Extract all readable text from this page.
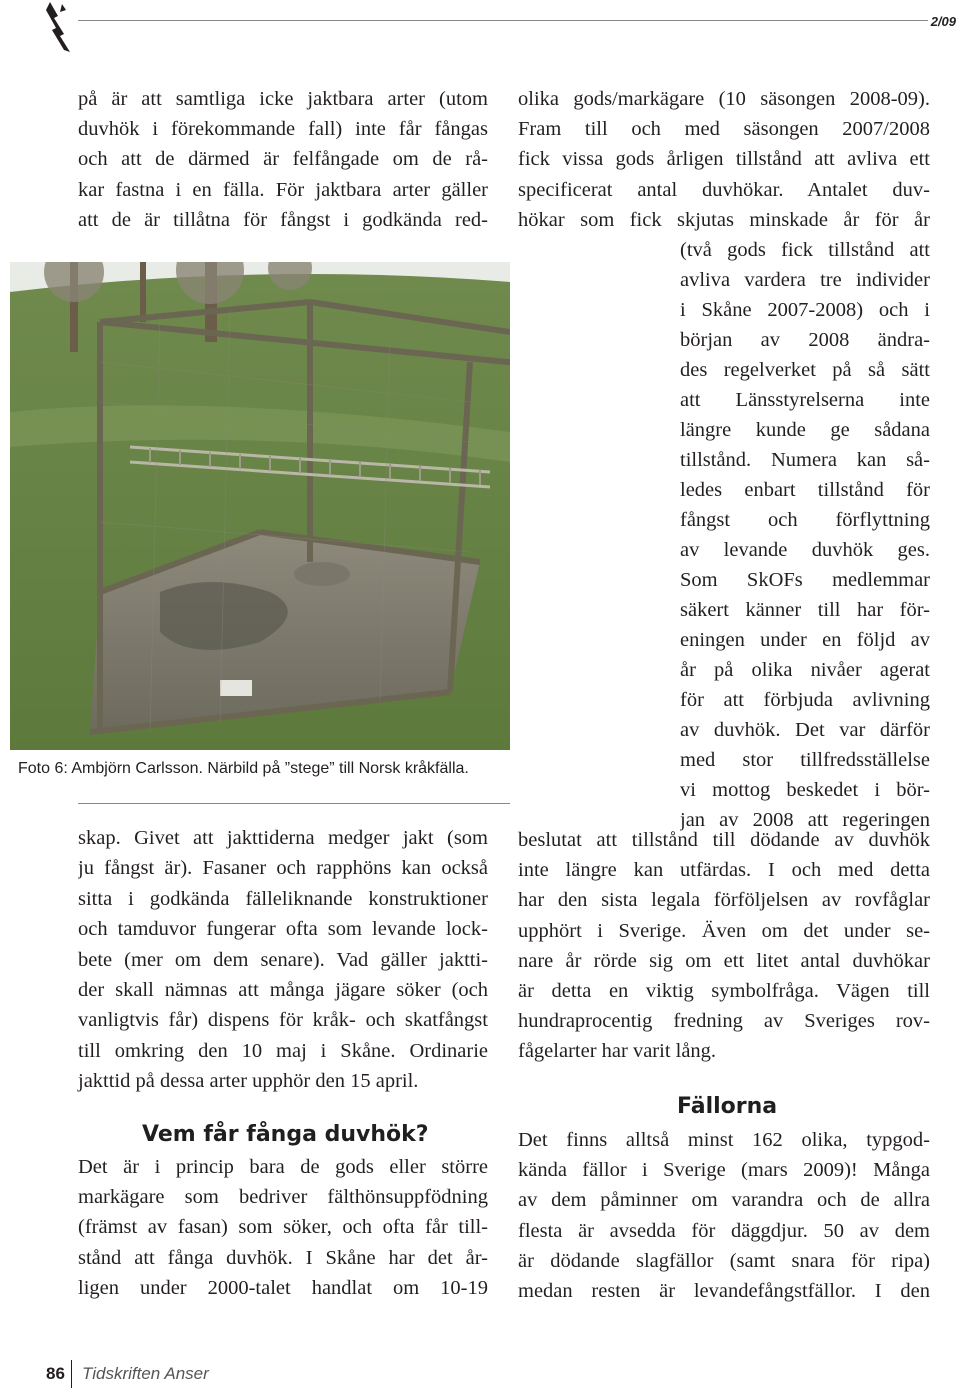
2/09
på är att samtliga icke jaktbara arter (utom
duvhök i förekommande fall) inte får fångas
och att de därmed är felfångade om de rå-
kar fastna i en fälla. För jaktbara arter gäller
att de är tillåtna för fångst i godkända red-
Foto 6: Ambjörn Carlsson. Närbild på ”stege” till Norsk kråkfälla.
skap. Givet att jakttiderna medger jakt (som
ju fångst är). Fasaner och rapphöns kan också
sitta i godkända fälleliknande konstruktioner
och tamduvor fungerar ofta som levande lock-
bete (mer om dem senare). Vad gäller jaktti-
der skall nämnas att många jägare söker (och
vanligtvis får) dispens för kråk- och skatfångst
till omkring den 10 maj i Skåne. Ordinarie
jakttid på dessa arter upphör den 15 april.
Vem får fånga duvhök?
Det är i princip bara de gods eller större
markägare som bedriver fälthönsuppfödning
(främst av fasan) som söker, och ofta får till-
stånd att fånga duvhök. I Skåne har det år-
ligen under 2000-talet handlat om 10-19
olika gods/markägare (10 säsongen 2008-09).
Fram till och med säsongen 2007/2008
fick vissa gods årligen tillstånd att avliva ett
specificerat antal duvhökar. Antalet duv-
hökar som fick skjutas minskade år för år
(två gods fick tillstånd att
avliva vardera tre individer
i Skåne 2007-2008) och i
början av 2008 ändra-
des regelverket på så sätt
att Länsstyrelserna inte
längre kunde ge sådana
tillstånd. Numera kan så-
ledes enbart tillstånd för
fångst och förflyttning
av levande duvhök ges.
Som SkOFs medlemmar
säkert känner till har för-
eningen under en följd av
år på olika nivåer agerat
för att förbjuda avlivning
av duvhök. Det var därför
med stor tillfredsställelse
vi mottog beskedet i bör-
jan av 2008 att regeringen
beslutat att tillstånd till dödande av duvhök
inte längre kan utfärdas. I och med detta
har den sista legala förföljelsen av rovfåglar
upphört i Sverige. Även om det under se-
nare år rörde sig om ett litet antal duvhökar
är detta en viktig symbolfråga. Vägen till
hundraprocentig fredning av Sveriges rov-
fågelarter har varit lång.
Fällorna
Det finns alltså minst 162 olika, typgod-
kända fällor i Sverige (mars 2009)! Många
av dem påminner om varandra och de allra
flesta är avsedda för däggdjur. 50 av dem
är dödande slagfällor (samt snara för ripa)
medan resten är levandefångstfällor. I den
86 Tidskriften Anser
